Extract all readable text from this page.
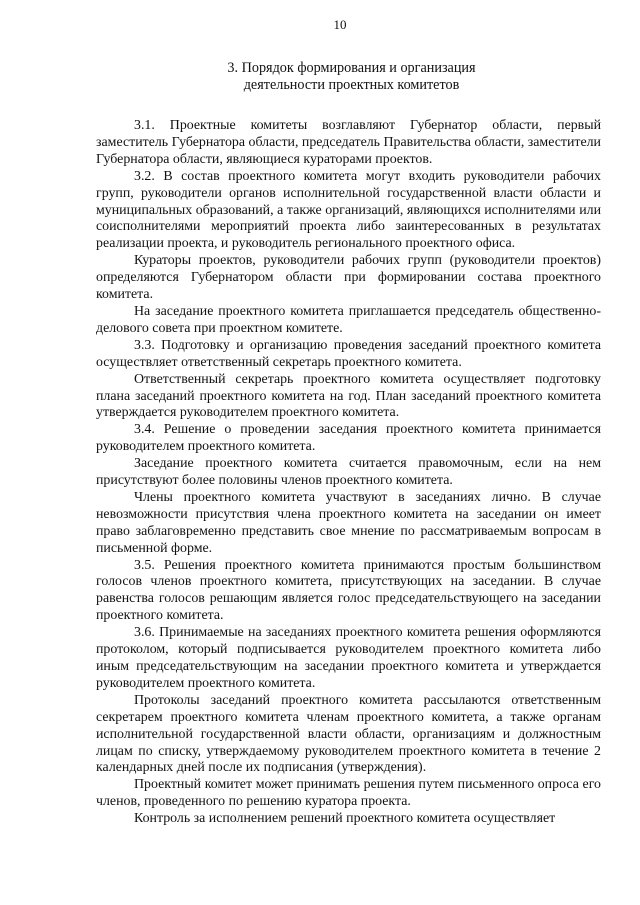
10
3. Порядок формирования и организация
деятельности проектных комитетов

3.1. Проектные комитеты возглавляют Губернатор области, первый заместитель Губернатора области, председатель Правительства области, заместители Губернатора области, являющиеся кураторами проектов.

3.2. В состав проектного комитета могут входить руководители рабочих групп, руководители органов исполнительной государственной власти области и муниципальных образований, а также организаций, являющихся исполнителями или соисполнителями мероприятий проекта либо заинтересованных в результатах реализации проекта, и руководитель регионального проектного офиса.

Кураторы проектов, руководители рабочих групп (руководители проектов) определяются Губернатором области при формировании состава проектного комитета.

На заседание проектного комитета приглашается председатель общественно-делового совета при проектном комитете.

3.3. Подготовку и организацию проведения заседаний проектного комитета осуществляет ответственный секретарь проектного комитета.

Ответственный секретарь проектного комитета осуществляет подготовку плана заседаний проектного комитета на год. План заседаний проектного комитета утверждается руководителем проектного комитета.

3.4. Решение о проведении заседания проектного комитета принимается руководителем проектного комитета.

Заседание проектного комитета считается правомочным, если на нем присутствуют более половины членов проектного комитета.

Члены проектного комитета участвуют в заседаниях лично. В случае невозможности присутствия члена проектного комитета на заседании он имеет право заблаговременно представить свое мнение по рассматриваемым вопросам в письменной форме.

3.5. Решения проектного комитета принимаются простым большинством голосов членов проектного комитета, присутствующих на заседании. В случае равенства голосов решающим является голос председательствующего на заседании проектного комитета.

3.6. Принимаемые на заседаниях проектного комитета решения оформляются протоколом, который подписывается руководителем проектного комитета либо иным председательствующим на заседании проектного комитета и утверждается руководителем проектного комитета.

Протоколы заседаний проектного комитета рассылаются ответственным секретарем проектного комитета членам проектного комитета, а также органам исполнительной государственной власти области, организациям и должностным лицам по списку, утверждаемому руководителем проектного комитета в течение 2 календарных дней после их подписания (утверждения).

Проектный комитет может принимать решения путем письменного опроса его членов, проведенного по решению куратора проекта.

Контроль за исполнением решений проектного комитета осуществляет
